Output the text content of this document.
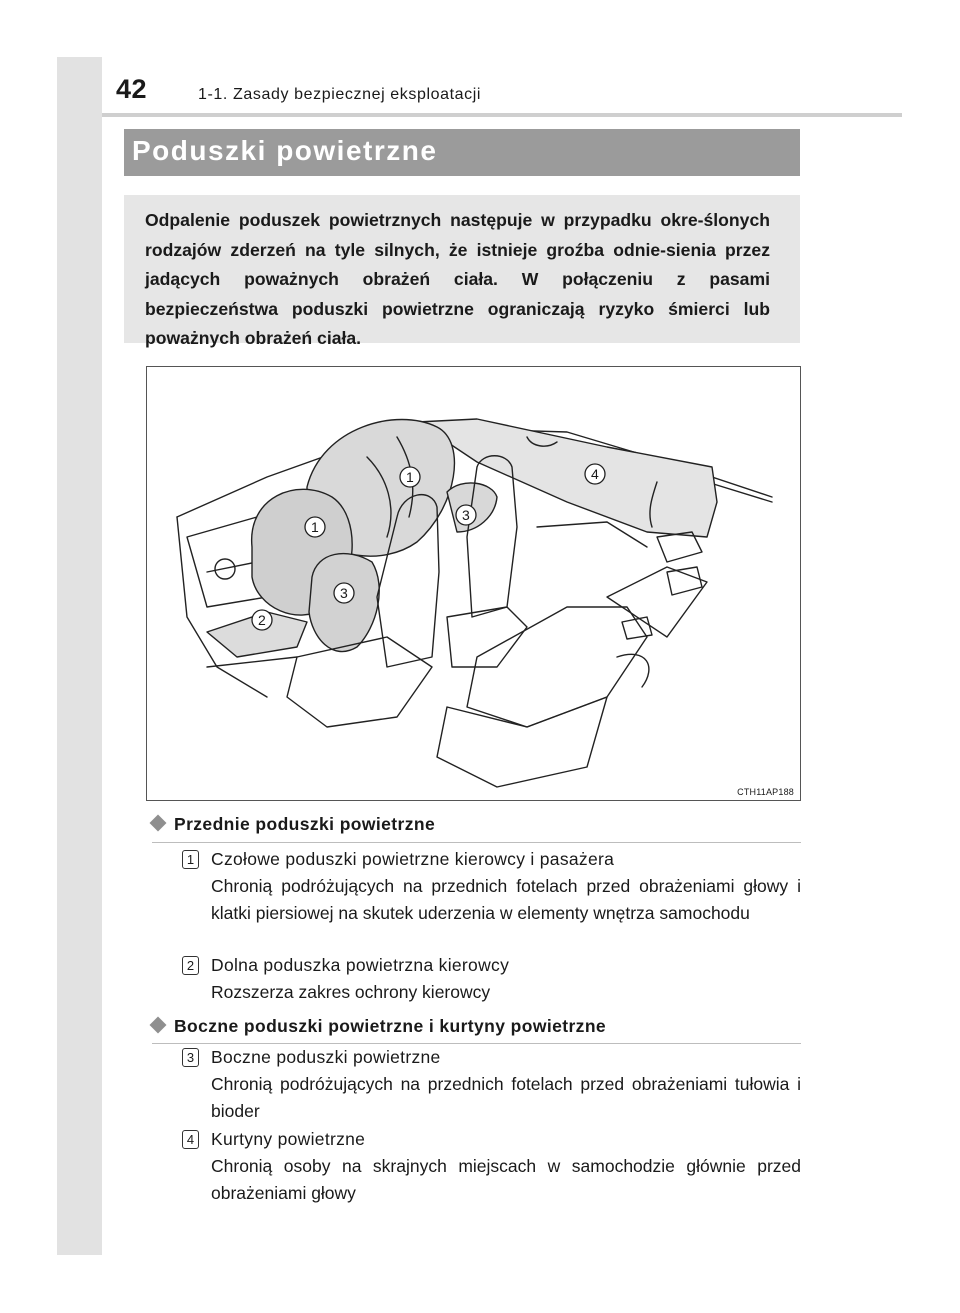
42	1-1. Zasady bezpiecznej eksploatacji
Poduszki powietrzne
Odpalenie poduszek powietrznych następuje w przypadku okre-ślonych rodzajów zderzeń na tyle silnych, że istnieje groźba odnie-sienia przez jadących poważnych obrażeń ciała. W połączeniu z pasami bezpieczeństwa poduszki powietrzne ograniczają ryzyko śmierci lub poważnych obrażeń ciała.
1
1
2
3
3
4
CTH11AP188
Przednie poduszki powietrzne
1 Czołowe poduszki powietrzne kierowcy i pasażera
Chronią podróżujących na przednich fotelach przed obrażeniami głowy i klatki piersiowej na skutek uderzenia w elementy wnętrza samochodu
2 Dolna poduszka powietrzna kierowcy
Rozszerza zakres ochrony kierowcy
Boczne poduszki powietrzne i kurtyny powietrzne
3 Boczne poduszki powietrzne
Chronią podróżujących na przednich fotelach przed obrażeniami tułowia i bioder
4 Kurtyny powietrzne
Chronią osoby na skrajnych miejscach w samochodzie głównie przed obrażeniami głowy
